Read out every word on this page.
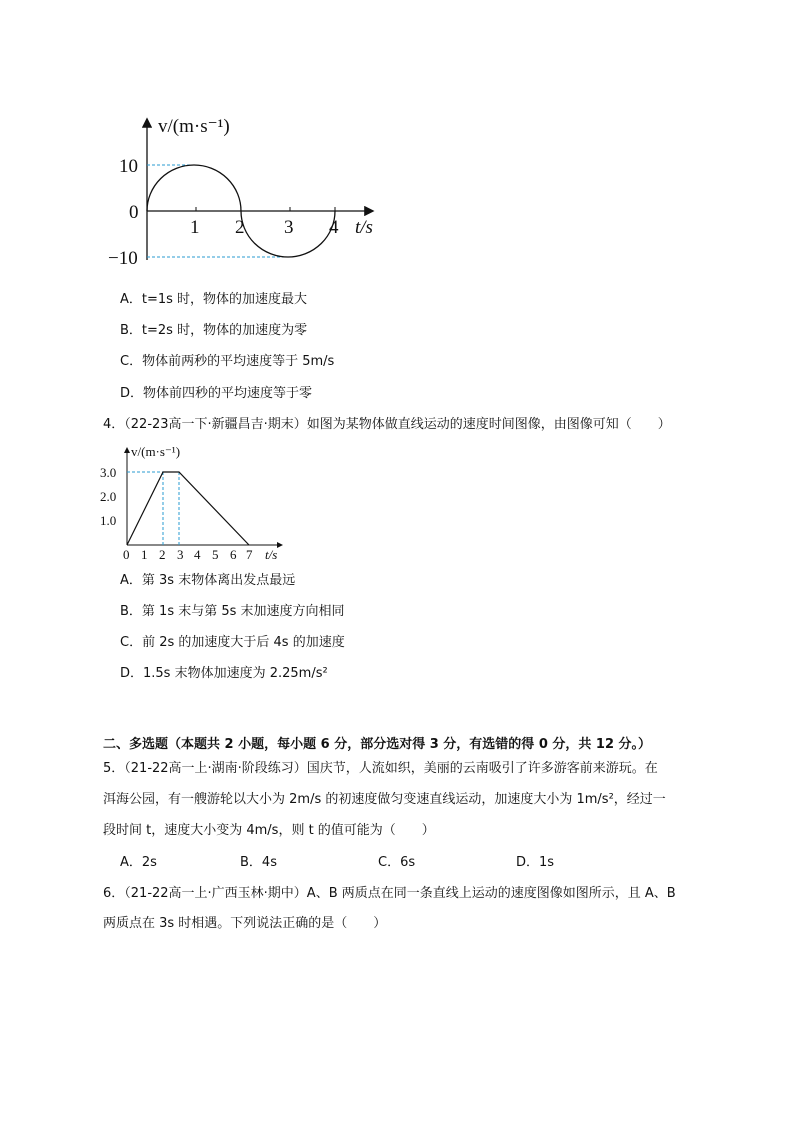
v/(m·s⁻¹)
10
0
−10
1 2 3 4 t/s
A．t=1s 时，物体的加速度最大
B．t=2s 时，物体的加速度为零
C．物体前两秒的平均速度等于 5m/s
D．物体前四秒的平均速度等于零
4．（22-23高一下·新疆昌吉·期末）如图为某物体做直线运动的速度时间图像，由图像可知（　　）
v/(m·s⁻¹)
3.0
2.0
1.0
0 1 2 3 4 5 6 7 t/s
A．第 3s 末物体离出发点最远
B．第 1s 末与第 5s 末加速度方向相同
C．前 2s 的加速度大于后 4s 的加速度
D．1.5s 末物体加速度为 2.25m/s²
二、多选题（本题共 2 小题，每小题 6 分，部分选对得 3 分，有选错的得 0 分，共 12 分。）
5．（21-22高一上·湖南·阶段练习）国庆节，人流如织，美丽的云南吸引了许多游客前来游玩。在
洱海公园，有一艘游轮以大小为 2m/s 的初速度做匀变速直线运动，加速度大小为 1m/s²，经过一
段时间 t，速度大小变为 4m/s，则 t 的值可能为（　　）
A．2s	B．4s	C．6s	D．1s
6．（21-22高一上·广西玉林·期中）A、B 两质点在同一条直线上运动的速度图像如图所示，且 A、B
两质点在 3s 时相遇。下列说法正确的是（　　）
